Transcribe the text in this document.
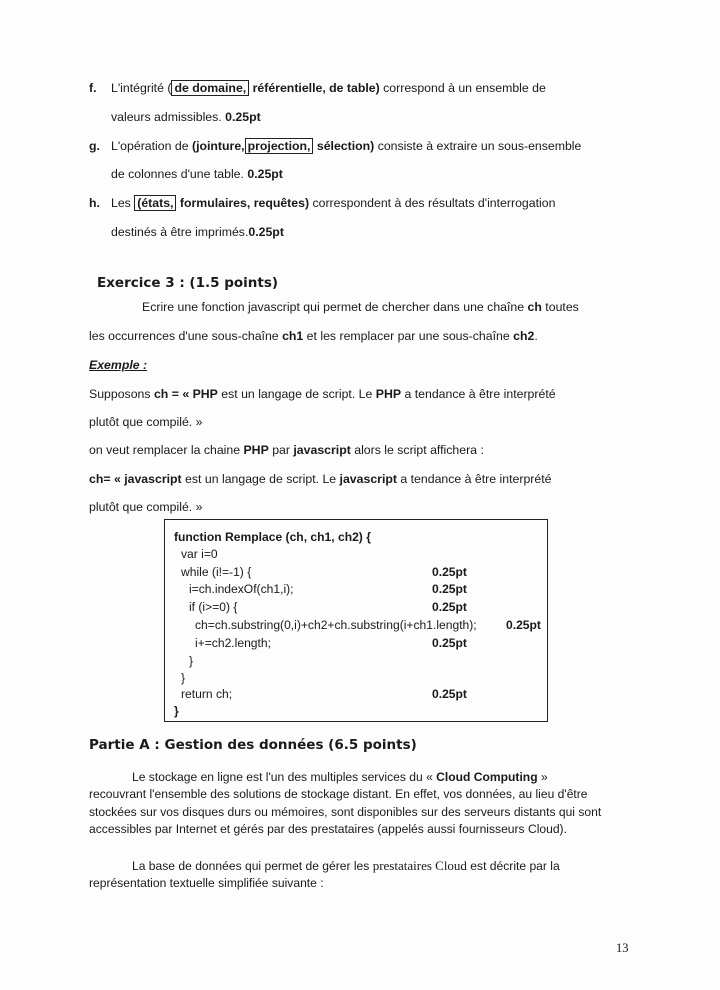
f. L'intégrité ( de domaine, référentielle, de table) correspond à un ensemble de
valeurs admissibles. 0.25pt
g. L'opération de (jointure, projection, sélection) consiste à extraire un sous-ensemble
de colonnes d'une table. 0.25pt
h. Les (états, formulaires, requêtes) correspondent à des résultats d'interrogation
destinés à être imprimés.0.25pt
Exercice 3 : (1.5 points)
Ecrire une fonction javascript qui permet de chercher dans une chaîne ch toutes
les occurrences d'une sous-chaîne ch1 et les remplacer par une sous-chaîne ch2.
Exemple :
Supposons ch = « PHP est un langage de script. Le PHP a tendance à être interprété
plutôt que compilé. »
on veut remplacer la chaine PHP par javascript alors le script affichera :
ch= « javascript est un langage de script. Le javascript a tendance à être interprété
plutôt que compilé. »
function Remplace (ch, ch1, ch2) {
var i=0
while (i!=-1) {	0.25pt
i=ch.indexOf(ch1,i);	0.25pt
if (i>=0) {	0.25pt
ch=ch.substring(0,i)+ch2+ch.substring(i+ch1.length); 0.25pt
i+=ch2.length;	0.25pt
}
}
return ch;	0.25pt
}
Partie A : Gestion des données (6.5 points)
Le stockage en ligne est l'un des multiples services du « Cloud Computing »
recouvrant l'ensemble des solutions de stockage distant. En effet, vos données, au lieu d'être stockées sur vos disques durs ou mémoires, sont disponibles sur des serveurs distants qui sont accessibles par Internet et gérés par des prestataires (appelés aussi fournisseurs Cloud).
La base de données qui permet de gérer les prestataires Cloud est décrite par la
représentation textuelle simplifiée suivante :
13
